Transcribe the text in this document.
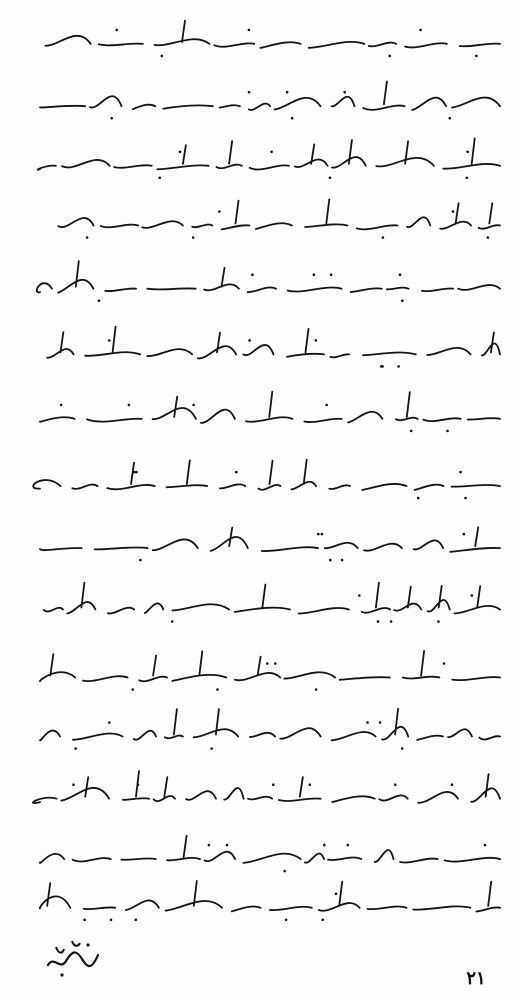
۲۱
